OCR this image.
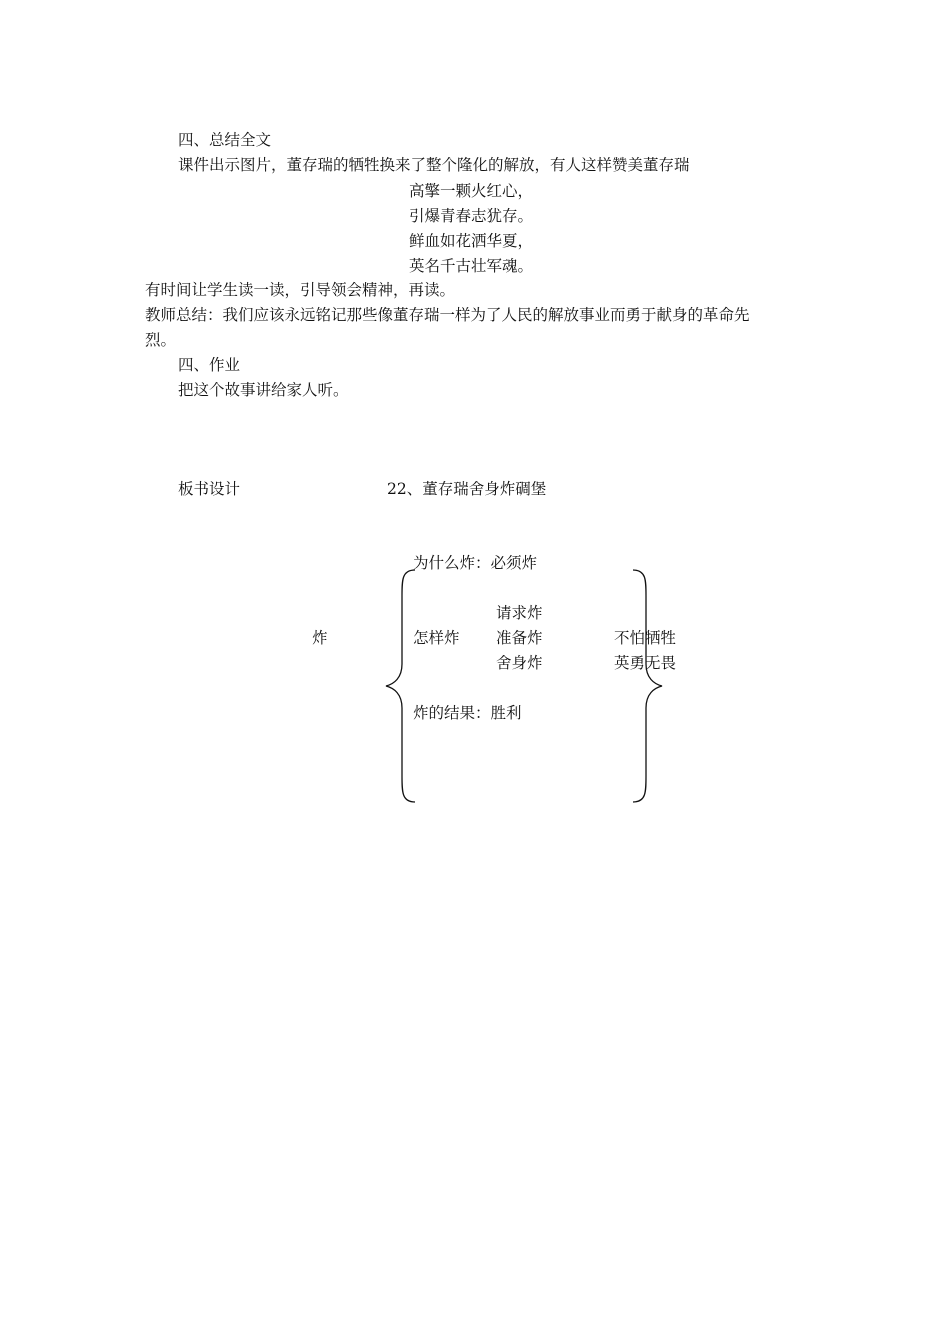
四、总结全文
课件出示图片，董存瑞的牺牲换来了整个隆化的解放，有人这样赞美董存瑞
高擎一颗火红心，
引爆青春志犹存。
鲜血如花洒华夏，
英名千古壮军魂。
有时间让学生读一读，引导领会精神，再读。
教师总结：我们应该永远铭记那些像董存瑞一样为了人民的解放事业而勇于献身的革命先
烈。
四、作业
把这个故事讲给家人听。
板书设计	22、董存瑞舍身炸碉堡
为什么炸：必须炸
请求炸
炸	怎样炸 准备炸	不怕牺牲
舍身炸	英勇无畏
炸的结果：胜利
